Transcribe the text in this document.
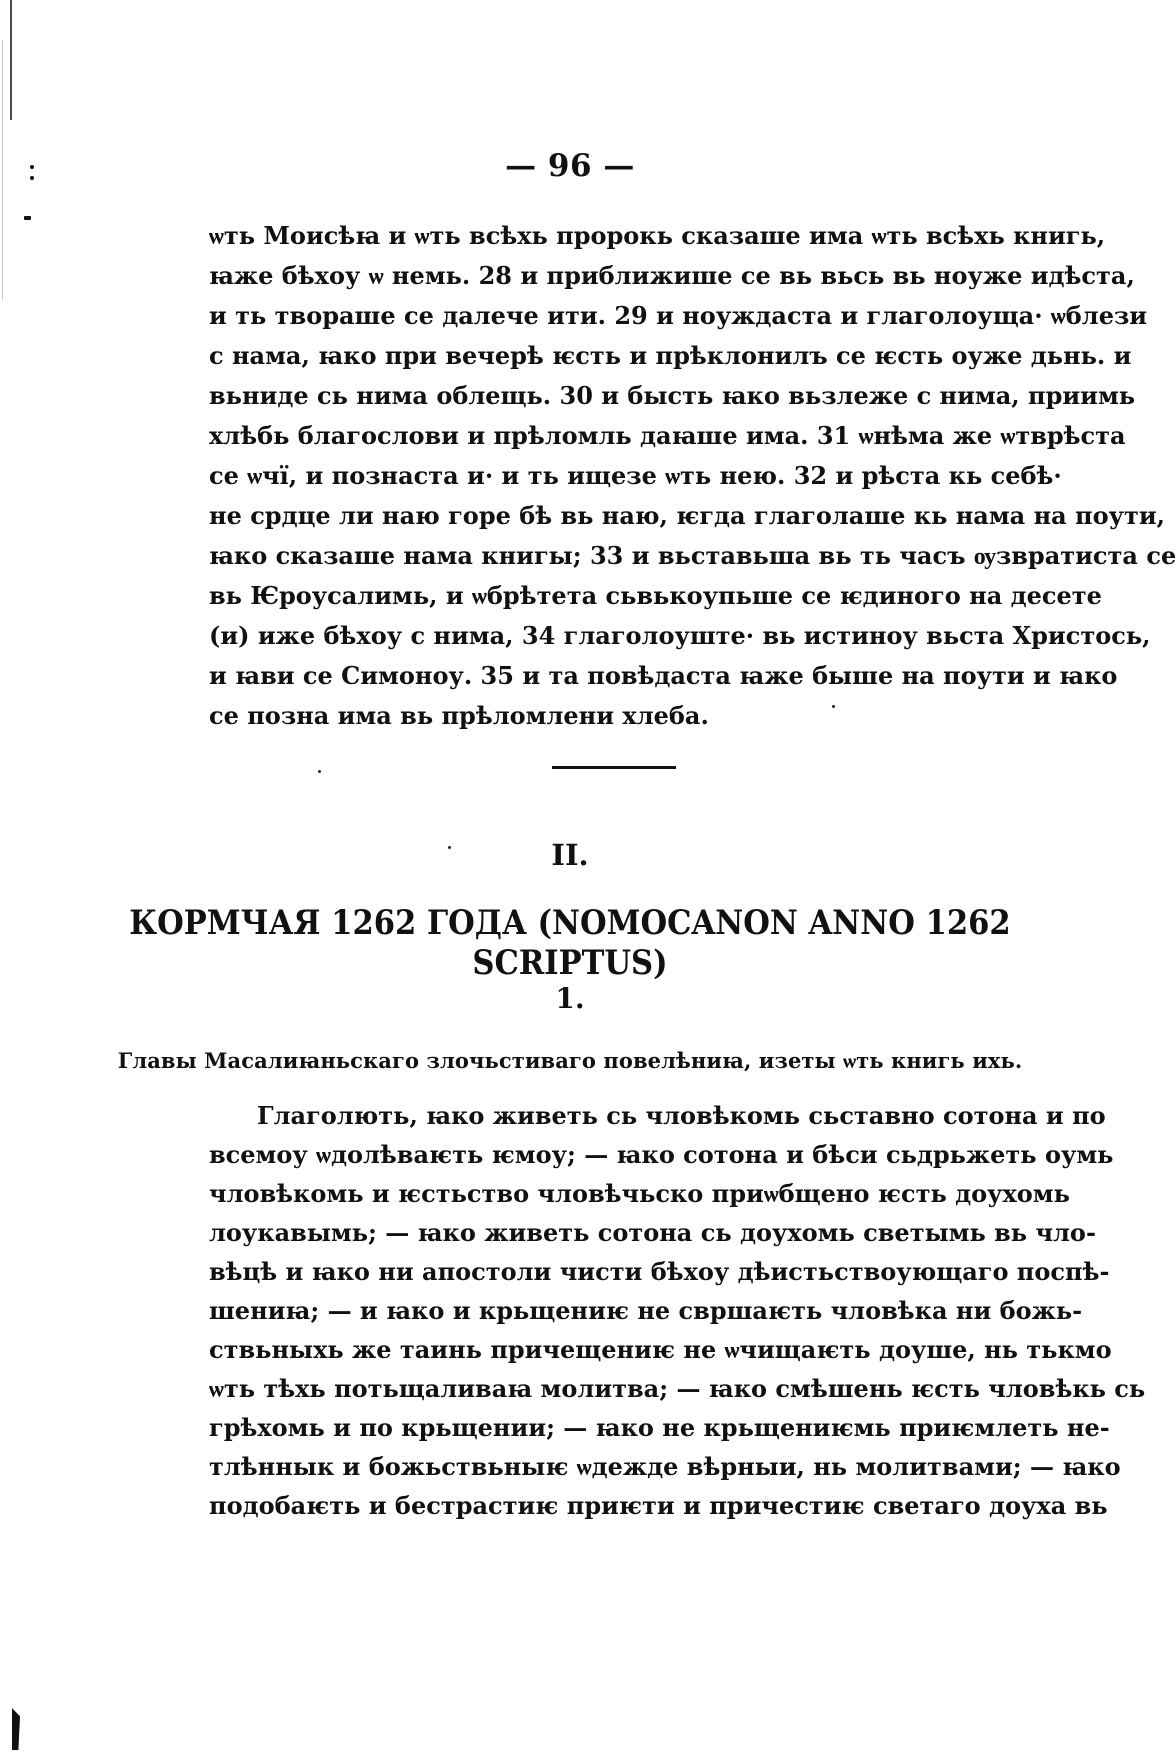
— 96 —
ѡть Моисѣꙗ и ѡть всѣхь пророкь сказаше има ѡть всѣхь книгь,
ꙗже бѣхоу ѡ немь. 28 и приближише се вь вьсь вь ноуже идѣста,
и ть твораше се далече ити. 29 и ноуждаста и глаголоуща· ѡблези
с нама, ꙗко при вечерѣ ѥсть и прѣклонилъ се ѥсть оуже дьнь. и
вьниде сь нима облещь. 30 и бысть ꙗко вьзлеже с нима, приимь
хлѣбь благослови и прѣломль даꙗше има. 31 ѡнѣма же ѡтврѣста
се ѡчї, и познаста и· и ть ищезе ѡть нею. 32 и рѣста кь себѣ·
не срдце ли наю горе бѣ вь наю, ѥгда глаголаше кь нама на поути,
ꙗко сказаше нама книгы; 33 и вьставьша вь ть часъ ѹзвратиста се
вь Ѥроусалимь, и ѡбрѣтета сьвькоупьше се ѥдиного на десете
(и) иже бѣхоу с нима, 34 глаголоуште· вь истиноу вьста Христось,
и ꙗви се Симоноу. 35 и та повѣдаста ꙗже быше на поути и ꙗко
се позна има вь прѣломлени хлеба.
II.
КОРМЧАЯ 1262 ГОДА (NOMOCANON ANNO 1262 SCRIPTUS)
1.
Главы Масалиꙗньскаго злочьстиваго повелѣниꙗ, изеты ѡть книгь ихь.
Глаголють, ꙗко живеть сь чловѣкомь сьставно сотона и по
всемоу ѡдолѣваѥть ѥмоу; — ꙗко сотона и бѣси сьдрьжеть оумь
чловѣкомь и ѥстьство чловѣчьско приѡбщено ѥсть доухомь
лоукавымь; — ꙗко живеть сотона сь доухомь светымь вь чло-
вѣцѣ и ꙗко ни апостоли чисти бѣхоу дѣистьствоующаго поспѣ-
шениꙗ; — и ꙗко и крьщениѥ не свршаѥть чловѣка ни божь-
ствьныхь же таинь причещениѥ не ѡчищаѥть доуше, нь тькмо
ѡть тѣхь потьщаливаꙗ молитва; — ꙗко смѣшень ѥсть чловѣкь сь
грѣхомь и по крьщении; — ꙗко не крьщениѥмь приѥмлеть не-
тлѣннык и божьствьныѥ ѡдежде вѣрныи, нь молитвами; — ꙗко
подобаѥть и бестрастиѥ приѥти и причестиѥ светаго доуха вь
